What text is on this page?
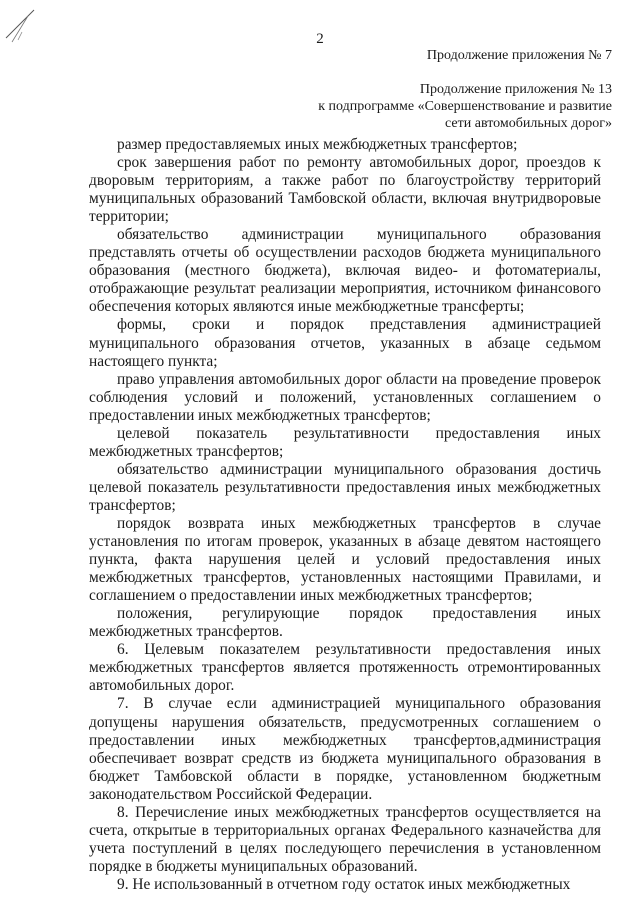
2
Продолжение приложения № 7
Продолжение приложения № 13
к подпрограмме «Совершенствование и развитие
сети автомобильных дорог»

размер предоставляемых иных межбюджетных трансфертов;

срок завершения работ по ремонту автомобильных дорог, проездов к дворовым территориям, а также работ по благоустройству территорий муниципальных образований Тамбовской области, включая внутридворовые территории;

обязательство администрации муниципального образования представлять отчеты об осуществлении расходов бюджета муниципального образования (местного бюджета), включая видео- и фотоматериалы, отображающие результат реализации мероприятия, источником финансового обеспечения которых являются иные межбюджетные трансферты;

формы, сроки и порядок представления администрацией муниципального образования отчетов, указанных в абзаце седьмом настоящего пункта;

право управления автомобильных дорог области на проведение проверок соблюдения условий и положений, установленных соглашением о предоставлении иных межбюджетных трансфертов;

целевой показатель результативности предоставления иных межбюджетных трансфертов;

обязательство администрации муниципального образования достичь целевой показатель результативности предоставления иных межбюджетных трансфертов;

порядок возврата иных межбюджетных трансфертов в случае установления по итогам проверок, указанных в абзаце девятом настоящего пункта, факта нарушения целей и условий предоставления иных межбюджетных трансфертов, установленных настоящими Правилами, и соглашением о предоставлении иных межбюджетных трансфертов;

положения, регулирующие порядок предоставления иных межбюджетных трансфертов.

6. Целевым показателем результативности предоставления иных межбюджетных трансфертов является протяженность отремонтированных автомобильных дорог.

7. В случае если администрацией муниципального образования допущены нарушения обязательств, предусмотренных соглашением о предоставлении иных межбюджетных трансфертов,администрация обеспечивает возврат средств из бюджета муниципального образования в бюджет Тамбовской области в порядке, установленном бюджетным законодательством Российской Федерации.

8. Перечисление иных межбюджетных трансфертов осуществляется на счета, открытые в территориальных органах Федерального казначейства для учета поступлений в целях последующего перечисления в установленном порядке в бюджеты муниципальных образований.

9. Не использованный в отчетном году остаток иных межбюджетных
